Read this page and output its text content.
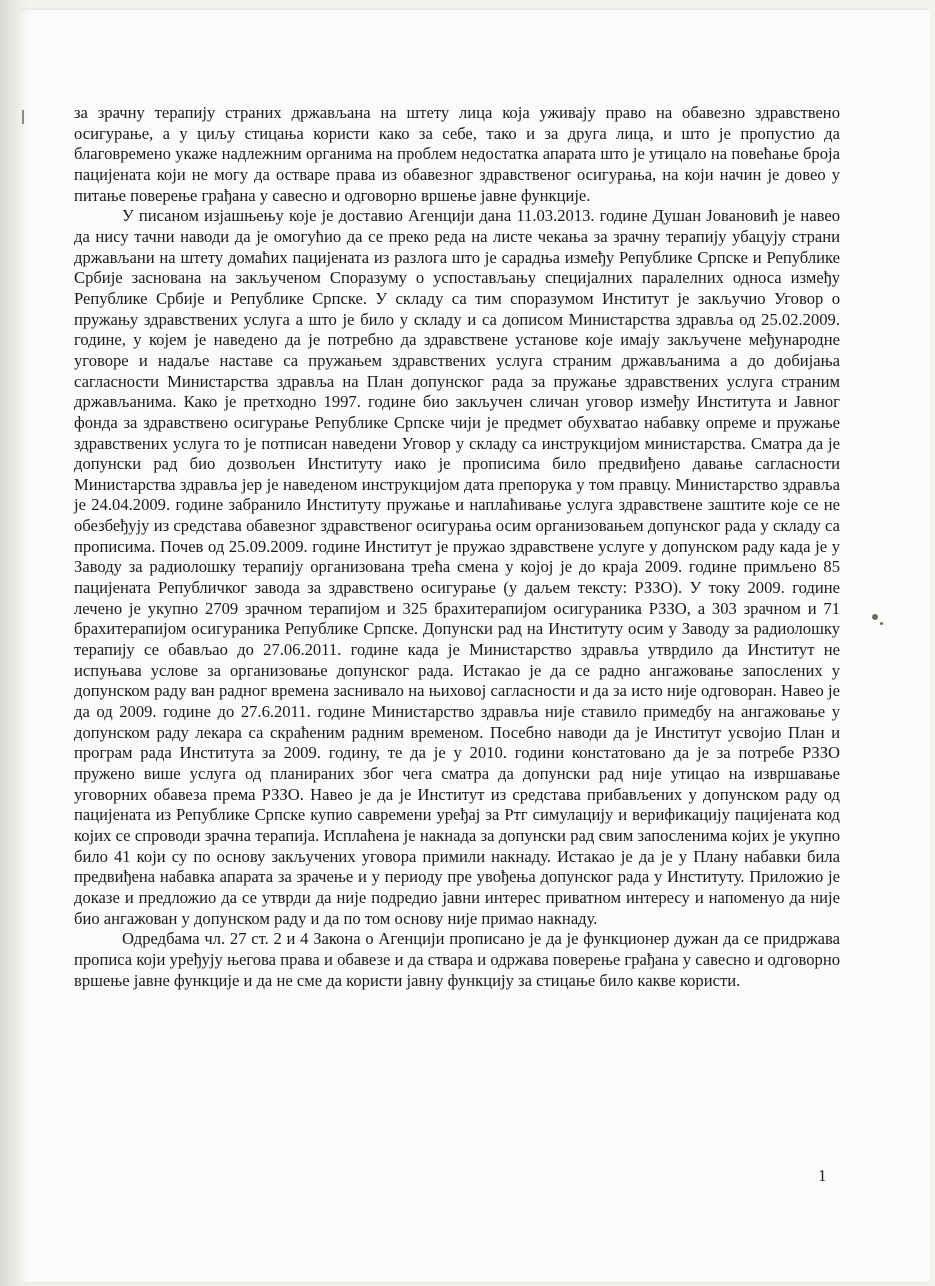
за зрачну терапију страних држављана на штету лица која уживају право на обавезно здравствено осигурање, а у циљу стицања користи како за себе, тако и за друга лица, и што је пропустио да благовремено укаже надлежним органима на проблем недостатка апарата што је утицало на повећање броја пацијената који не могу да остваре права из обавезног здравственог осигурања, на који начин је довео у питање поверење грађана у савесно и одговорно вршење јавне функције.

У писаном изјашњењу које је доставио Агенцији дана 11.03.2013. године Душан Јовановић је навео да нису тачни наводи да је омогућио да се преко реда на листе чекања за зрачну терапију убацују страни држављани на штету домаћих пацијената из разлога што је сарадња између Републике Српске и Републике Србије заснована на закљученом Споразуму о успостављању специјалних паралелних односа између Републике Србије и Републике Српске. У складу са тим споразумом Институт је закључио Уговор о пружању здравствених услуга а што је било у складу и са дописом Министарства здравља од 25.02.2009. године, у којем је наведено да је потребно да здравствене установе које имају закључене међународне уговоре и надаље наставе са пружањем здравствених услуга страним држављанима а до добијања сагласности Министарства здравља на План допунског рада за пружање здравствених услуга страним држављанима. Како је претходно 1997. године био закључен сличан уговор између Института и Јавног фонда за здравствено осигурање Републике Српске чији је предмет обухватао набавку опреме и пружање здравствених услуга то је потписан наведени Уговор у складу са инструкцијом министарства. Сматра да је допунски рад био дозвољен Институту иако је прописима било предвиђено давање сагласности Министарства здравља јер је наведеном инструкцијом дата препорука у том правцу. Министарство здравља је 24.04.2009. године забранило Институту пружање и наплаћивање услуга здравствене заштите које се не обезбеђују из средстава обавезног здравственог осигурања осим организовањем допунског рада у складу са прописима. Почев од 25.09.2009. године Институт је пружао здравствене услуге у допунском раду када је у Заводу за радиолошку терапију организована трећа смена у којој је до краја 2009. године примљено 85 пацијената Републичког завода за здравствено осигурање (у даљем тексту: РЗЗО). У току 2009. године лечено је укупно 2709 зрачном терапијом и 325 брахитерапијом осигураника РЗЗО, а 303 зрачном и 71 брахитерапијом осигураника Републике Српске. Допунски рад на Институту осим у Заводу за радиолошку терапију се обављао до 27.06.2011. године када је Министарство здравља утврдило да Институт не испуњава услове за организовање допунског рада. Истакао је да се радно ангажовање запослених у допунском раду ван радног времена заснивало на њиховој сагласности и да за исто није одговоран. Навео је да од 2009. године до 27.6.2011. године Министарство здравља није ставило примедбу на ангажовање у допунском раду лекара са скраћеним радним временом. Посебно наводи да је Институт усвојио План и програм рада Института за 2009. годину, те да је у 2010. години констатовано да је за потребе РЗЗО пружено више услуга од планираних због чега сматра да допунски рад није утицао на извршавање уговорних обавеза према РЗЗО. Навео је да је Институт из средстава прибављених у допунском раду од пацијената из Републике Српске купио савремени уређај за Ртг симулацију и верификацију пацијената код којих се спроводи зрачна терапија. Исплаћена је накнада за допунски рад свим запосленима којих је укупно било 41 који су по основу закључених уговора примили накнаду. Истакао је да је у Плану набавки била предвиђена набавка апарата за зрачење и у периоду пре увођења допунског рада у Институту. Приложио је доказе и предложио да се утврди да није подредио јавни интерес приватном интересу и напоменуо да није био ангажован у допунском раду и да по том основу није примао накнаду.

Одредбама чл. 27 ст. 2 и 4 Закона о Агенцији прописано је да је функционер дужан да се придржава прописа који уређују његова права и обавезе и да ствара и одржава поверење грађана у савесно и одговорно вршење јавне функције и да не сме да користи јавну функцију за стицање било какве користи.

1
